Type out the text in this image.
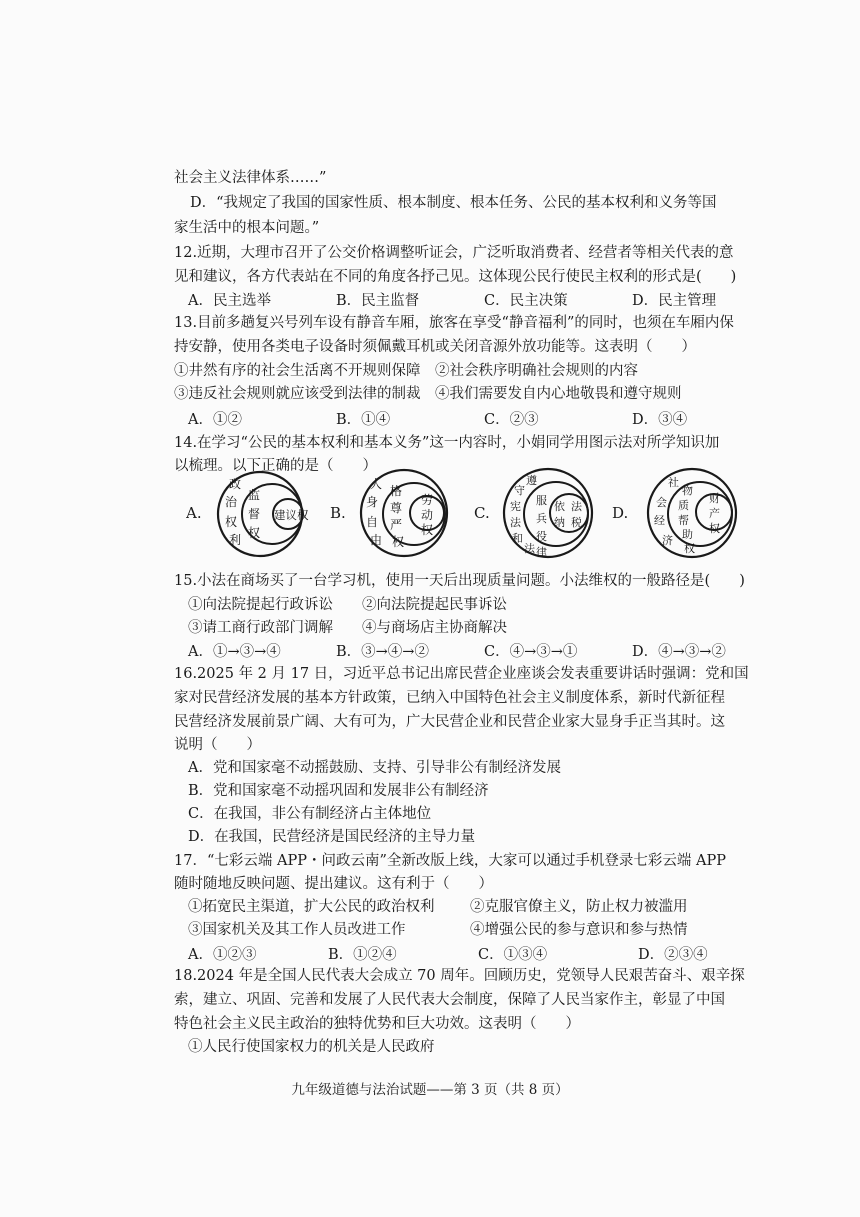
社会主义法律体系……”
D．“我规定了我国的国家性质、根本制度、根本任务、公民的基本权利和义务等国
家生活中的根本问题。”
12.近期，大理市召开了公交价格调整听证会，广泛听取消费者、经营者等相关代表的意
见和建议，各方代表站在不同的角度各抒己见。这体现公民行使民主权利的形式是(　　)
A．民主选举	B．民主监督	C．民主决策	D．民主管理
13.目前多趟复兴号列车设有静音车厢，旅客在享受“静音福利”的同时，也须在车厢内保
持安静，使用各类电子设备时须佩戴耳机或关闭音源外放功能等。这表明（　　）
①井然有序的社会生活离不开规则保障　②社会秩序明确社会规则的内容
③违反社会规则就应该受到法律的制裁　④我们需要发自内心地敬畏和遵守规则
A．①②	B．①④	C．②③	D．③④
14.在学习“公民的基本权利和基本义务”这一内容时，小娟同学用图示法对所学知识加
以梳理。以下正确的是（　　）
A.
政
治
权
利
监
督
权
建议权 B.
人
身
自
由
格
尊
严
权
劳
动
权
C.
遵
守
宪
法
和
法 律
服
兵
役
依 法
纳 税
D.
社
会
经
济
物
质
帮
助
权
财
产
权
15.小法在商场买了一台学习机，使用一天后出现质量问题。小法维权的一般路径是(　　)
①向法院提起行政诉讼　　②向法院提起民事诉讼
③请工商行政部门调解　　④与商场店主协商解决
A．①→③→④	B．③→④→②	C．④→③→①	D．④→③→②
16.2025 年 2 月 17 日，习近平总书记出席民营企业座谈会发表重要讲话时强调：党和国
家对民营经济发展的基本方针政策，已纳入中国特色社会主义制度体系，新时代新征程
民营经济发展前景广阔、大有可为，广大民营企业和民营企业家大显身手正当其时。这
说明（　　）
A．党和国家毫不动摇鼓励、支持、引导非公有制经济发展
B．党和国家毫不动摇巩固和发展非公有制经济
C．在我国，非公有制经济占主体地位
D．在我国，民营经济是国民经济的主导力量
17．“七彩云端 APP・问政云南”全新改版上线，大家可以通过手机登录七彩云端 APP
随时随地反映问题、提出建议。这有利于（　　）
①拓宽民主渠道，扩大公民的政治权利 ②克服官僚主义，防止权力被滥用
③国家机关及其工作人员改进工作	④增强公民的参与意识和参与热情
A．①②③	B．①②④	C．①③④	D．②③④
18.2024 年是全国人民代表大会成立 70 周年。回顾历史，党领导人民艰苦奋斗、艰辛探
索，建立、巩固、完善和发展了人民代表大会制度，保障了人民当家作主，彰显了中国
特色社会主义民主政治的独特优势和巨大功效。这表明（　　）
①人民行使国家权力的机关是人民政府
九年级道德与法治试题——第 3 页（共 8 页）
